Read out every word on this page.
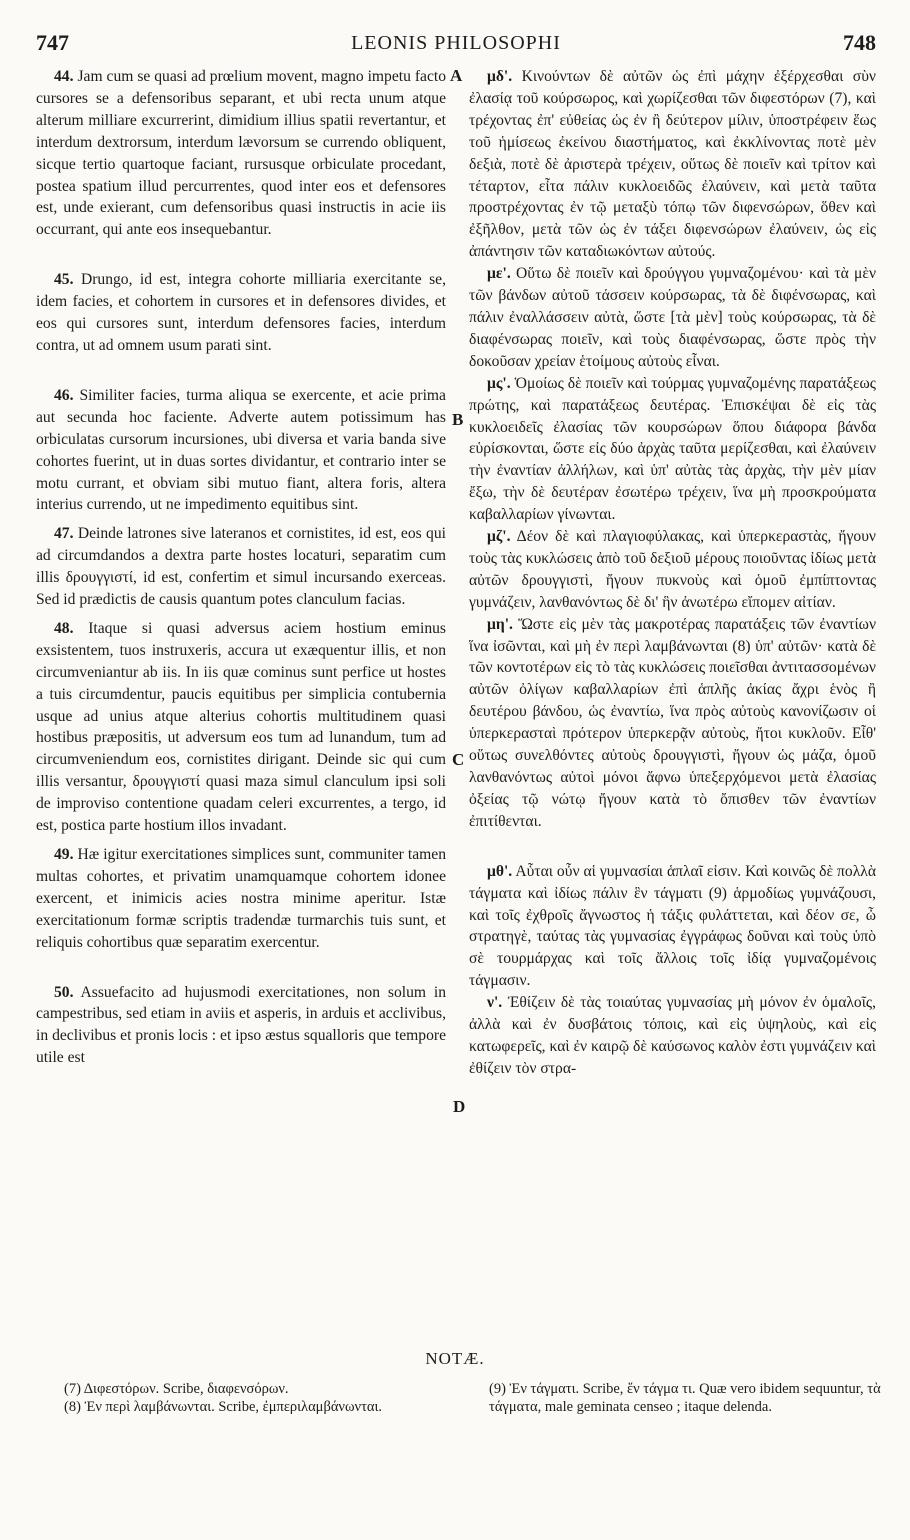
747	LEONIS PHILOSOPHI	748

44. Jam cum se quasi ad prœlium movent, magno impetu facto cursores se a defensoribus separant, et ubi recta unum atque alterum milliare excurrerint, dimidium illius spatii revertantur, et interdum dextrorsum, interdum lævorsum se currendo obliquent, sicque tertio quartoque faciant, rursusque orbiculate procedant, postea spatium illud percurrentes, quod inter eos et defensores est, unde exierant, cum defensoribus quasi instructis in acie iis occurrant, qui ante eos insequebantur.

45. Drungo, id est, integra cohorte milliaria exercitante se, idem facies, et cohortem in cursores et in defensores divides, et eos qui cursores sunt, interdum defensores facies, interdum contra, ut ad omnem usum parati sint.

46. Similiter facies, turma aliqua se exercente, et acie prima aut secunda hoc faciente. Adverte autem potissimum has orbiculatas cursorum incursiones, ubi diversa et varia banda sive cohortes fuerint, ut in duas sortes dividantur, et contrario inter se motu currant, et obviam sibi mutuo fiant, altera foris, altera interius currendo, ut ne impedimento equitibus sint.

47. Deinde latrones sive lateranos et cornistites, id est, eos qui ad circumdandos a dextra parte hostes locaturi, separatim cum illis δρουγγιστί, id est, confertim et simul incursando exerceas. Sed id prædictis de causis quantum potes clanculum facias.

48. Itaque si quasi adversus aciem hostium eminus exsistentem, tuos instruxeris, accura ut exæquentur illis, et non circumveniantur ab iis. In iis quæ cominus sunt perfice ut hostes a tuis circumdentur, paucis equitibus per simplicia contubernia usque ad unius atque alterius cohortis multitudinem quasi hostibus præpositis, ut adversum eos tum ad lunandum, tum ad circumveniendum eos, cornistites dirigant. Deinde sic qui cum illis versantur, δρουγγιστί quasi maza simul clanculum ipsi soli de improviso contentione quadam celeri excurrentes, a tergo, id est, postica parte hostium illos invadant.

49. Hæ igitur exercitationes simplices sunt, communiter tamen multas cohortes, et privatim unamquamque cohortem idonee exercent, et inimicis acies nostra minime aperitur. Istæ exercitationum formæ scriptis tradendæ turmarchis tuis sunt, et reliquis cohortibus quæ separatim exercentur.

50. Assuefacito ad hujusmodi exercitationes, non solum in campestribus, sed etiam in aviis et asperis, in arduis et acclivibus, in declivibus et pronis locis : et ipso æstus squalloris que tempore utile est

μδ'. Κινούντων δὲ αὐτῶν ὡς ἐπὶ μάχην ἐξέρχεσθαι σὺν ἐλασίᾳ τοῦ κούρσωρος, καὶ χωρίζεσθαι τῶν διφεστόρων (7), καὶ τρέχοντας ἐπ' εὐθείας ὡς ἐν ἢ δεύτερον μίλιν, ὑποστρέφειν ἕως τοῦ ἡμίσεως ἐκείνου διαστήματος, καὶ ἐκκλίνοντας ποτὲ μὲν δεξιὰ, ποτὲ δὲ ἀριστερὰ τρέχειν, οὕτως δὲ ποιεῖν καὶ τρίτον καὶ τέταρτον, εἶτα πάλιν κυκλοειδῶς ἐλαύνειν, καὶ μετὰ ταῦτα προστρέχοντας ἐν τῷ μεταξὺ τόπῳ τῶν διφενσώρων, ὅθεν καὶ ἐξῆλθον, μετὰ τῶν ὡς ἐν τάξει διφενσώρων ἐλαύνειν, ὡς εἰς ἀπάντησιν τῶν καταδιωκόντων αὐτούς.

με'. Οὕτω δὲ ποιεῖν καὶ δρούγγου γυμναζομένου· καὶ τὰ μὲν τῶν βάνδων αὐτοῦ τάσσειν κούρσωρας, τὰ δὲ διφένσωρας, καὶ πάλιν ἐναλλάσσειν αὐτὰ, ὥστε [τὰ μὲν] τοὺς κούρσωρας, τὰ δὲ διαφένσωρας ποιεῖν, καὶ τοὺς διαφένσωρας, ὥστε πρὸς τὴν δοκοῦσαν χρείαν ἑτοίμους αὐτοὺς εἶναι.

μς'. Ὁμοίως δὲ ποιεῖν καὶ τούρμας γυμναζομένης παρατάξεως πρώτης, καὶ παρατάξεως δευτέρας. Ἐπισκέψαι δὲ εἰς τὰς κυκλοειδεῖς ἐλασίας τῶν κουρσώρων ὅπου διάφορα βάνδα εὑρίσκονται, ὥστε εἰς δύο ἀρχὰς ταῦτα μερίζεσθαι, καὶ ἐλαύνειν τὴν ἐναντίαν ἀλλήλων, καὶ ὑπ' αὐτὰς τὰς ἀρχὰς, τὴν μὲν μίαν ἔξω, τὴν δὲ δευτέραν ἐσωτέρω τρέχειν, ἵνα μὴ προσκρούματα καβαλλαρίων γίνωνται.

μζ'. Δέον δὲ καὶ πλαγιοφύλακας, καὶ ὑπερκεραστὰς, ἤγουν τοὺς τὰς κυκλώσεις ἀπὸ τοῦ δεξιοῦ μέρους ποιοῦντας ἰδίως μετὰ αὐτῶν δρουγγιστὶ, ἤγουν πυκνοὺς καὶ ὁμοῦ ἐμπίπτοντας γυμνάζειν, λανθανόντως δὲ δι' ἣν ἀνωτέρω εἴπομεν αἰτίαν.

μη'. Ὥστε εἰς μὲν τὰς μακροτέρας παρατάξεις τῶν ἐναντίων ἵνα ἰσῶνται, καὶ μὴ ἐν περὶ λαμβάνωνται (8) ὑπ' αὐτῶν· κατὰ δὲ τῶν κοντοτέρων εἰς τὸ τὰς κυκλώσεις ποιεῖσθαι ἀντιτασσομένων αὐτῶν ὀλίγων καβαλλαρίων ἐπὶ ἁπλῆς ἀκίας ἄχρι ἑνὸς ἢ δευτέρου βάνδου, ὡς ἐναντίω, ἵνα πρὸς αὐτοὺς κανονίζωσιν οἱ ὑπερκερασταὶ πρότερον ὑπερκερᾷν αὐτοὺς, ἤτοι κυκλοῦν. Εἶθ' οὕτως συνελθόντες αὐτοὺς δρουγγιστὶ, ἤγουν ὡς μάζα, ὁμοῦ λανθανόντως αὐτοὶ μόνοι ἄφνω ὑπεξερχόμενοι μετὰ ἐλασίας ὀξείας τῷ νώτῳ ἤγουν κατὰ τὸ ὄπισθεν τῶν ἐναντίων ἐπιτίθενται.

μθ'. Αὗται οὖν αἱ γυμνασίαι ἁπλαῖ εἰσιν. Καὶ κοινῶς δὲ πολλὰ τάγματα καὶ ἰδίως πάλιν ἓν τάγματι (9) ἁρμοδίως γυμνάζουσι, καὶ τοῖς ἐχθροῖς ἄγνωστος ἡ τάξις φυλάττεται, καὶ δέον σε, ὦ στρατηγὲ, ταύτας τὰς γυμνασίας ἐγγράφως δοῦναι καὶ τοὺς ὑπὸ σὲ τουρμάρχας καὶ τοῖς ἄλλοις τοῖς ἰδίᾳ γυμναζομένοις τάγμασιν.

ν'. Ἐθίζειν δὲ τὰς τοιαύτας γυμνασίας μὴ μόνον ἐν ὁμαλοῖς, ἀλλὰ καὶ ἐν δυσβάτοις τόποις, καὶ εἰς ὑψηλοὺς, καὶ εἰς κατωφερεῖς, καὶ ἐν καιρῷ δὲ καύσωνος καλὸν ἐστι γυμνάζειν καὶ ἐθίζειν τὸν στρα-

A
B
C
D
NOTÆ.

(7) Διφεστόρων. Scribe, διαφενσόρων.

(8) Ἐν περὶ λαμβάνωνται. Scribe, ἐμπεριλαμβάνωνται.

(9) Ἐν τάγματι. Scribe, ἕν τάγμα τι. Quæ vero ibidem sequuntur, τὰ τάγματα, male geminata censeo ; itaque delenda.
